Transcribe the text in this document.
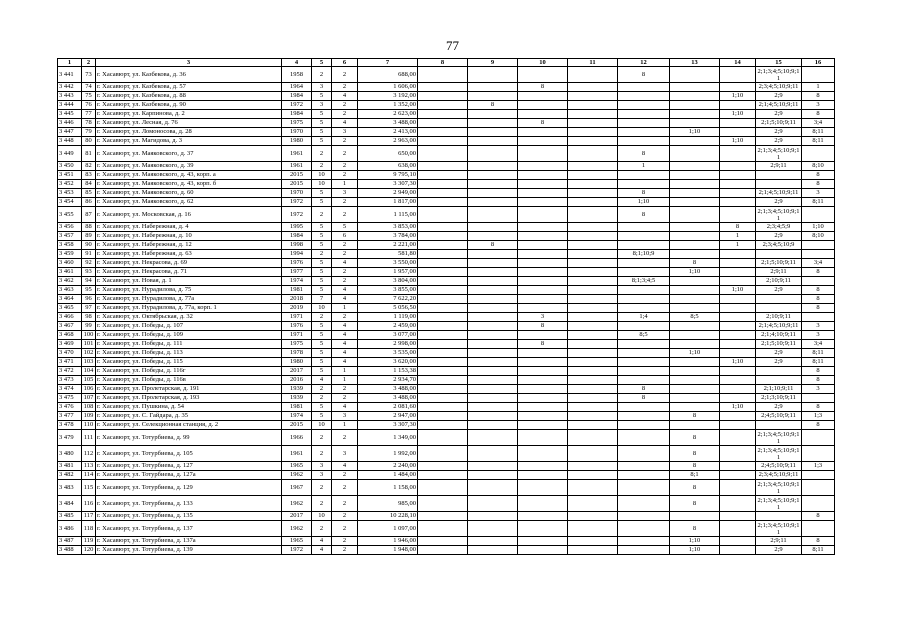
77
1	2	3	4	5	6	7	8	9	10	11	12	13	14	15	16
3 441	73	г. Хасавюрт, ул. Казбекова, д. 36	1958	2	2	688,00					8			2;1;3;4;5;10;9;11	
3 442	74	г. Хасавюрт, ул. Казбекова, д. 57	1964	3	2	1 606,00			8					2;3;4;5;10;9;11	1
3 443	75	г. Хасавюрт, ул. Казбекова, д. 88	1984	5	4	3 192,00							1;10	2;9	8
3 444	76	г. Хасавюрт, ул. Казбекова, д. 90	1972	3	2	1 352,00		8						2;1;4;5;10;9;11	3
3 445	77	г. Хасавюрт, ул. Карпинова, д. 2	1984	5	2	2 623,00							1;10	2;9	8
3 446	78	г. Хасавюрт, ул. Лесная, д. 76	1975	5	4	3 488,00			8					2;1;5;10;9;11	3;4
3 447	79	г. Хасавюрт, ул. Ломоносова, д. 28	1970	5	3	2 413,00						1;10		2;9	8;11
3 448	80	г. Хасавюрт, ул. Магидова, д. 3	1980	5	2	2 963,00							1;10	2;9	8;11
3 449	81	г. Хасавюрт, ул. Маяковского, д. 37	1961	2	2	650,00					8			2;1;3;4;5;10;9;11	
3 450	82	г. Хасавюрт, ул. Маяковского, д. 39	1961	2	2	638,00					1			2;9;11	8;10
3 451	83	г. Хасавюрт, ул. Маяковского, д. 43, корп. а	2015	10	2	9 795,10									8
3 452	84	г. Хасавюрт, ул. Маяковского, д. 43, корп. б	2015	10	1	3 307,30									8
3 453	85	г. Хасавюрт, ул. Маяковского, д. 60	1970	5	3	2 949,00					8			2;1;4;5;10;9;11	3
3 454	86	г. Хасавюрт, ул. Маяковского, д. 62	1972	5	2	1 817,00					1;10			2;9	8;11
3 455	87	г. Хасавюрт, ул. Московская, д. 16	1972	2	2	1 115,00					8			2;1;3;4;5;10;9;11	
3 456	88	г. Хасавюрт, ул. Набережная, д. 4	1995	5	5	3 853,00							8	2;3;4;5;9	1;10
3 457	89	г. Хасавюрт, ул. Набережная, д. 10	1984	5	6	3 784,00							1	2;9	8;10
3 458	90	г. Хасавюрт, ул. Набережная, д. 12	1998	5	2	2 221,00		8					1	2;3;4;5;10;9	
3 459	91	г. Хасавюрт, ул. Набережная, д. 63	1994	2	2	581,80					8;1;10;9				
3 460	92	г. Хасавюрт, ул. Некрасова, д. 69	1976	5	4	3 550,00						8		2;1;5;10;9;11	3;4
3 461	93	г. Хасавюрт, ул. Некрасова, д. 71	1977	5	2	1 957,00						1;10		2;9;11	8
3 462	94	г. Хасавюрт, ул. Новая, д. 1	1974	5	2	3 804,00					8;1;3;4;5			2;10;9;11	
3 463	95	г. Хасавюрт, ул. Нурадилова, д. 75	1981	5	4	3 855,00							1;10	2;9	8
3 464	96	г. Хасавюрт, ул. Нурадилова, д. 77а	2018	7	4	7 622,20									8
3 465	97	г. Хасавюрт, ул. Нурадилова, д. 77а, корп. 1	2019	10	1	5 056,50									8
3 466	98	г. Хасавюрт, ул. Октябрьская, д. 32	1971	2	2	1 119,00			3		1;4	8;5		2;10;9;11	
3 467	99	г. Хасавюрт, ул. Победы, д. 107	1976	5	4	2 459,00			8					2;1;4;5;10;9;11	3
3 468	100	г. Хасавюрт, ул. Победы, д. 109	1971	5	4	3 077,00					8;5			2;1;4;10;9;11	3
3 469	101	г. Хасавюрт, ул. Победы, д. 111	1975	5	4	2 998,00			8					2;1;5;10;9;11	3;4
3 470	102	г. Хасавюрт, ул. Победы, д. 113	1978	5	4	3 535,00						1;10		2;9	8;11
3 471	103	г. Хасавюрт, ул. Победы, д. 115	1980	5	4	3 620,00							1;10	2;9	8;11
3 472	104	г. Хасавюрт, ул. Победы, д. 116г	2017	5	1	1 153,38									8
3 473	105	г. Хасавюрт, ул. Победы, д. 116в	2016	4	1	2 934,70									8
3 474	106	г. Хасавюрт, ул. Пролетарская, д. 191	1939	2	2	3 488,00					8			2;1;10;9;11	3
3 475	107	г. Хасавюрт, ул. Пролетарская, д. 193	1939	2	2	3 488,00					8			2;1;3;10;9;11	
3 476	108	г. Хасавюрт, ул. Пушкина, д. 54	1981	5	4	2 081,60							1;10	2;9	8
3 477	109	г. Хасавюрт, ул. С. Гайдара, д. 35	1974	5	3	2 947,00						8		2;4;5;10;9;11	1;3
3 478	110	г. Хасавюрт, ул. Селекционная станция, д. 2	2015	10	1	3 307,30									8
3 479	111	г. Хасавюрт, ул. Тотурбиева, д. 99	1966	2	2	1 349,00						8		2;1;3;4;5;10;9;11	
3 480	112	г. Хасавюрт, ул. Тотурбиева, д. 105	1961	2	3	1 992,00						8		2;1;3;4;5;10;9;11	
3 481	113	г. Хасавюрт, ул. Тотурбиева, д. 127	1965	3	4	2 240,00						8		2;4;5;10;9;11	1;3
3 482	114	г. Хасавюрт, ул. Тотурбиева, д. 127а	1962	3	2	1 484,00						8;1		2;3;4;5;10;9;11	
3 483	115	г. Хасавюрт, ул. Тотурбиева, д. 129	1967	2	2	1 158,00						8		2;1;3;4;5;10;9;11	
3 484	116	г. Хасавюрт, ул. Тотурбиева, д. 133	1962	2	2	985,00						8		2;1;3;4;5;10;9;11	
3 485	117	г. Хасавюрт, ул. Тотурбиева, д. 135	2017	10	2	10 228,10									8
3 486	118	г. Хасавюрт, ул. Тотурбиева, д. 137	1962	2	2	1 097,00						8		2;1;3;4;5;10;9;11	
3 487	119	г. Хасавюрт, ул. Тотурбиева, д. 137а	1965	4	2	1 946,00						1;10		2;9;11	8
3 488	120	г. Хасавюрт, ул. Тотурбиева, д. 139	1972	4	2	1 948,00						1;10		2;9	8;11
